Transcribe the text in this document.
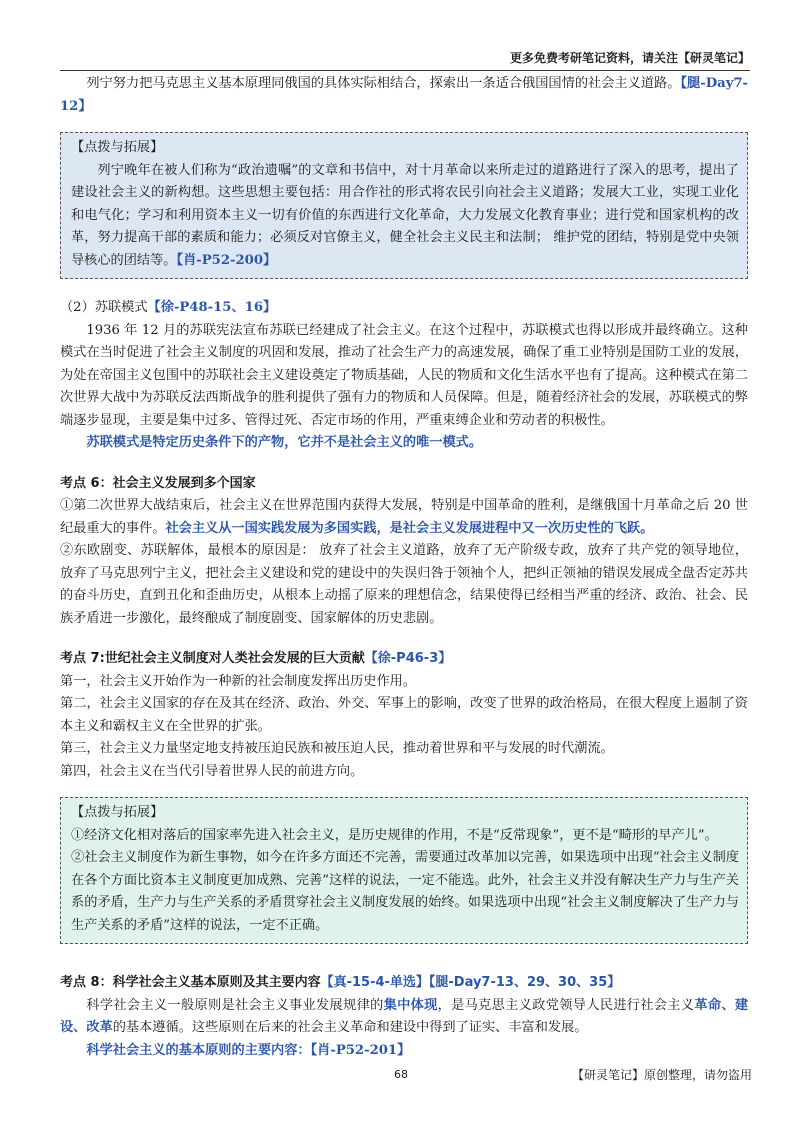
更多免费考研笔记资料，请关注【研灵笔记】

列宁努力把马克思主义基本原理同俄国的具体实际相结合，探索出一条适合俄国国情的社会主义道路。【腿-Day7-12】

【点拨与拓展】

列宁晚年在被人们称为“政治遗嘱”的文章和书信中，对十月革命以来所走过的道路进行了深入的思考，提出了建设社会主义的新构想。这些思想主要包括：用合作社的形式将农民引向社会主义道路；发展大工业，实现工业化和电气化；学习和利用资本主义一切有价值的东西进行文化革命，大力发展文化教育事业；进行党和国家机构的改革，努力提高干部的素质和能力；必须反对官僚主义，健全社会主义民主和法制； 维护党的团结，特别是党中央领导核心的团结等。【肖-P52-200】

（2）苏联模式【徐-P48-15、16】

1936 年 12 月的苏联宪法宣布苏联已经建成了社会主义。在这个过程中，苏联模式也得以形成并最终确立。这种模式在当时促进了社会主义制度的巩固和发展，推动了社会生产力的高速发展，确保了重工业特别是国防工业的发展，为处在帝国主义包围中的苏联社会主义建设奠定了物质基础，人民的物质和文化生活水平也有了提高。这种模式在第二次世界大战中为苏联反法西斯战争的胜利提供了强有力的物质和人员保障。但是，随着经济社会的发展，苏联模式的弊端逐步显现，主要是集中过多、管得过死、否定市场的作用，严重束缚企业和劳动者的积极性。

苏联模式是特定历史条件下的产物，它并不是社会主义的唯一模式。

考点 6：社会主义发展到多个国家

①第二次世界大战结束后，社会主义在世界范围内获得大发展，特别是中国革命的胜利，是继俄国十月革命之后 20 世纪最重大的事件。社会主义从一国实践发展为多国实践，是社会主义发展进程中又一次历史性的飞跃。

②东欧剧变、苏联解体，最根本的原因是： 放弃了社会主义道路，放弃了无产阶级专政，放弃了共产党的领导地位，放弃了马克思列宁主义，把社会主义建设和党的建设中的失误归咎于领袖个人，把纠正领袖的错误发展成全盘否定苏共的奋斗历史，直到丑化和歪曲历史，从根本上动摇了原来的理想信念，结果使得已经相当严重的经济、政治、社会、民族矛盾进一步激化，最终酿成了制度剧变、国家解体的历史悲剧。

考点 7:世纪社会主义制度对人类社会发展的巨大贡献【徐-P46-3】

第一，社会主义开始作为一种新的社会制度发挥出历史作用。

第二，社会主义国家的存在及其在经济、政治、外交、军事上的影响，改变了世界的政治格局，在很大程度上遏制了资本主义和霸权主义在全世界的扩张。

第三，社会主义力量坚定地支持被压迫民族和被压迫人民，推动着世界和平与发展的时代潮流。

第四，社会主义在当代引导着世界人民的前进方向。

【点拨与拓展】

①经济文化相对落后的国家率先进入社会主义，是历史规律的作用，不是“反常现象”，更不是“畸形的早产儿”。

②社会主义制度作为新生事物，如今在许多方面还不完善，需要通过改革加以完善，如果选项中出现“社会主义制度在各个方面比资本主义制度更加成熟、完善”这样的说法，一定不能选。此外，社会主义并没有解决生产力与生产关系的矛盾，生产力与生产关系的矛盾贯穿社会主义制度发展的始终。如果选项中出现“社会主义制度解决了生产力与生产关系的矛盾”这样的说法，一定不正确。

考点 8：科学社会主义基本原则及其主要内容【真-15-4-单选】【腿-Day7-13、29、30、35】

科学社会主义一般原则是社会主义事业发展规律的集中体现，是马克思主义政党领导人民进行社会主义革命、建设、改革的基本遵循。这些原则在后来的社会主义革命和建设中得到了证实、丰富和发展。

科学社会主义的基本原则的主要内容：【肖-P52-201】

68	【研灵笔记】原创整理，请勿盗用
